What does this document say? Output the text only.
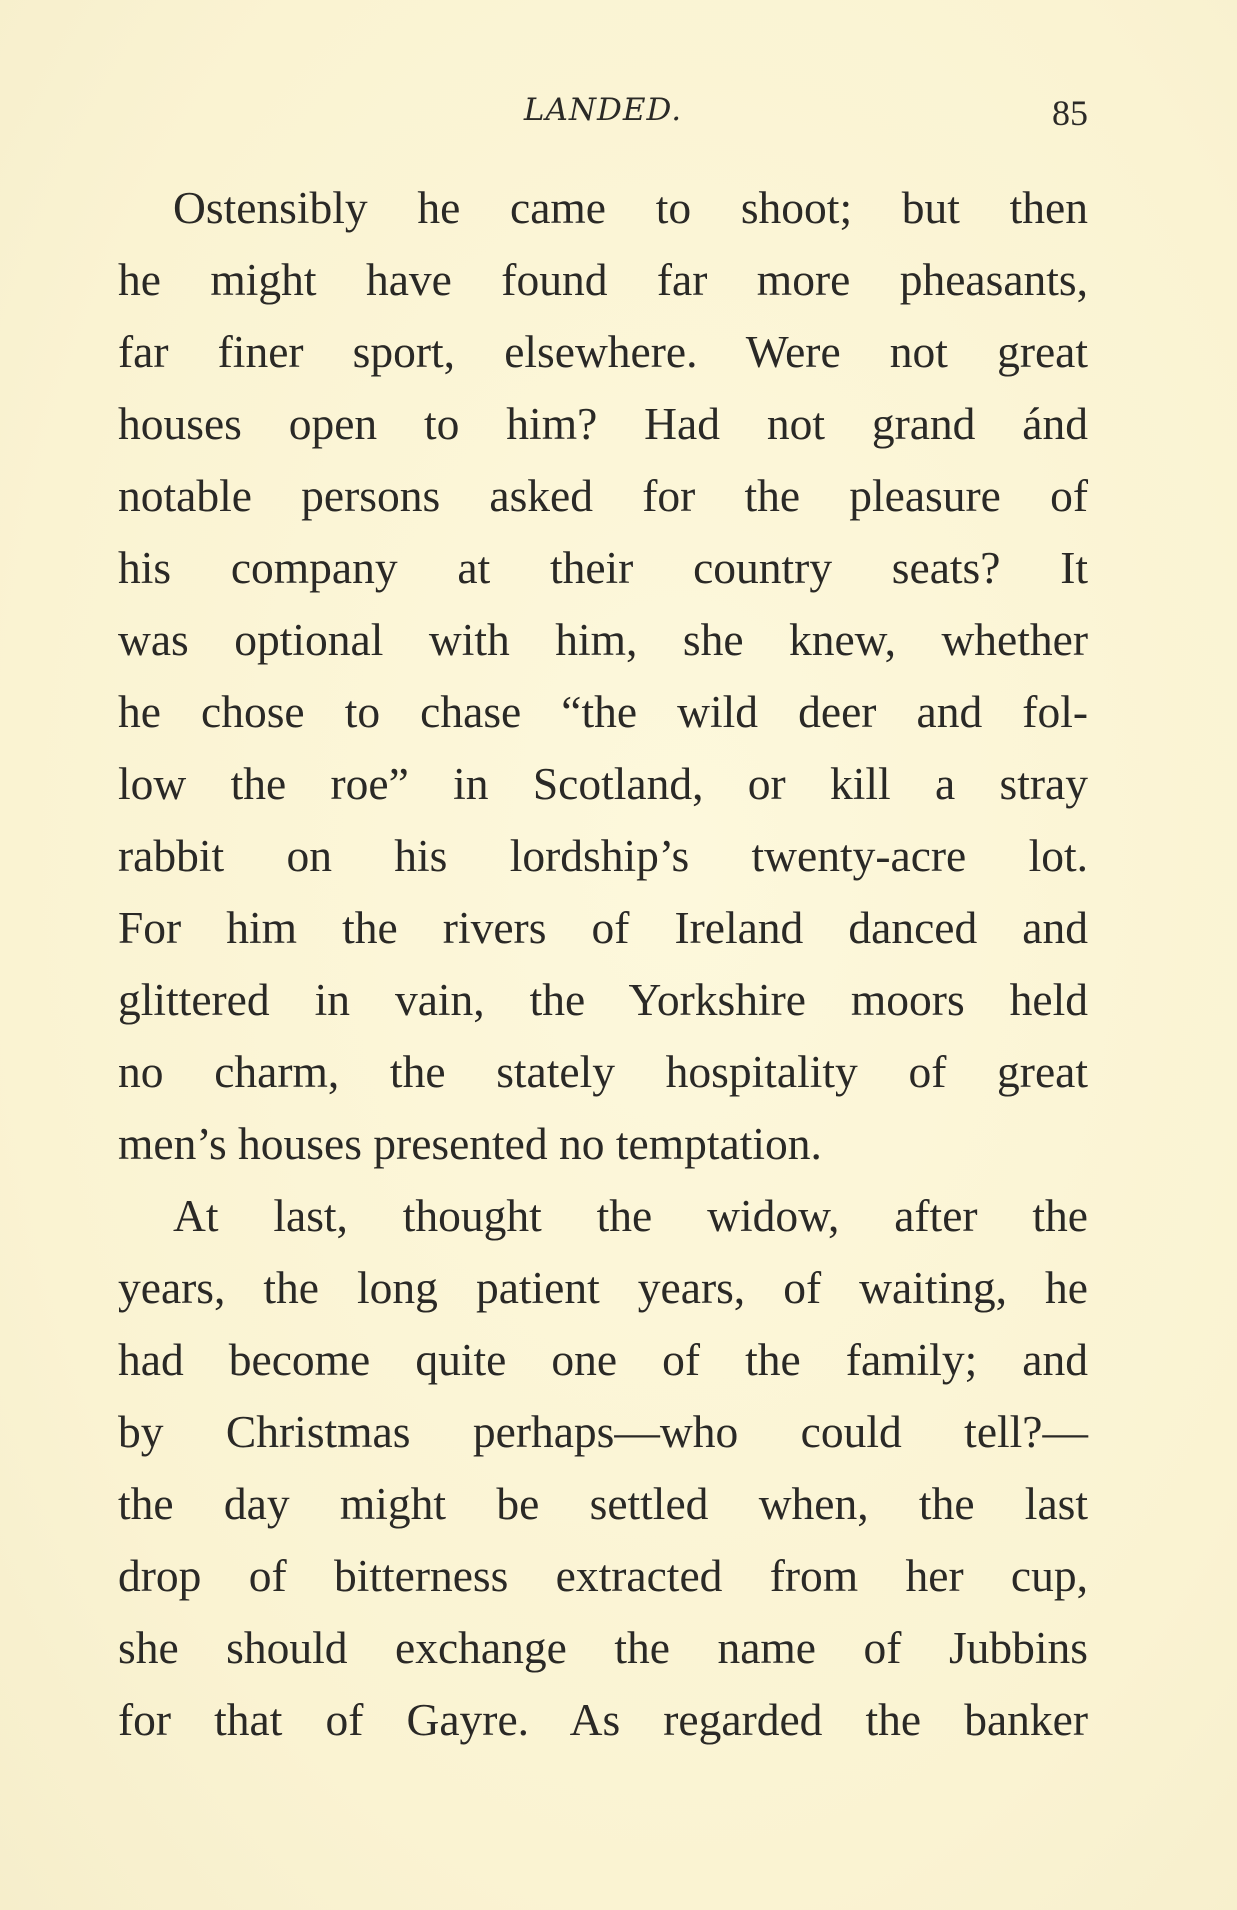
LANDED.	85
Ostensibly he came to shoot; but then
he might have found far more pheasants,
far finer sport, elsewhere. Were not great
houses open to him? Had not grand ánd
notable persons asked for the pleasure of
his company at their country seats? It
was optional with him, she knew, whether
he chose to chase “the wild deer and fol-
low the roe” in Scotland, or kill a stray
rabbit on his lordship’s twenty-acre lot.
For him the rivers of Ireland danced and
glittered in vain, the Yorkshire moors held
no charm, the stately hospitality of great
men’s houses presented no temptation.
At last, thought the widow, after the
years, the long patient years, of waiting, he
had become quite one of the family; and
by Christmas perhaps—who could tell?—
the day might be settled when, the last
drop of bitterness extracted from her cup,
she should exchange the name of Jubbins
for that of Gayre. As regarded the banker
